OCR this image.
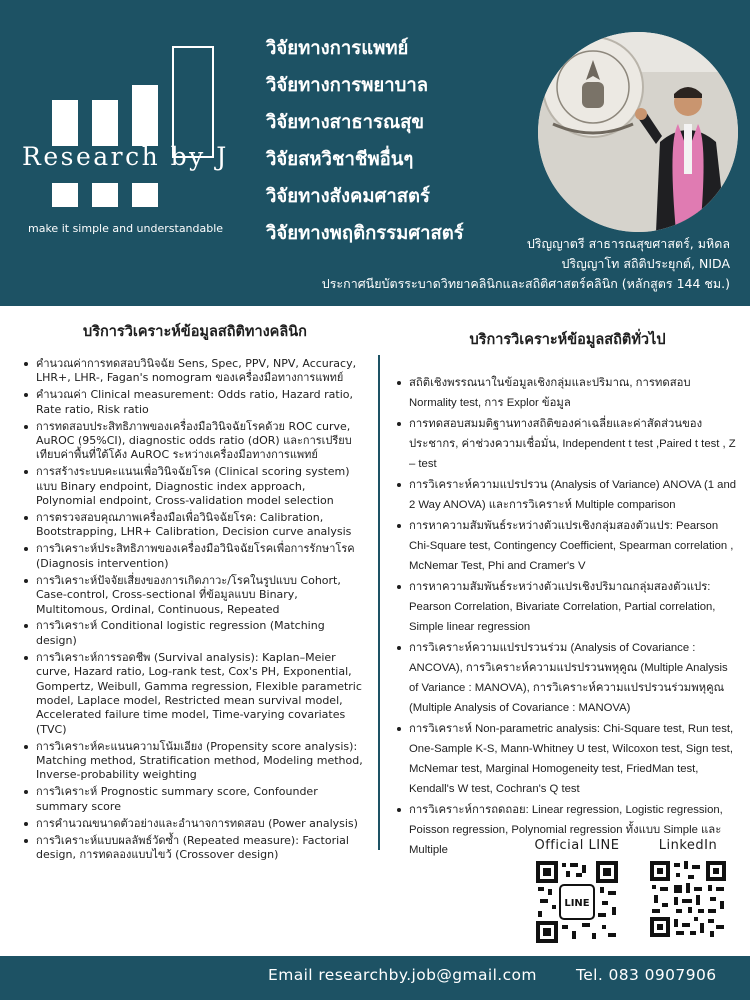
Research by J
make it simple and understandable
วิจัยทางการแพทย์
วิจัยทางการพยาบาล
วิจัยทางสาธารณสุข
วิจัยสหวิชาชีพอื่นๆ
วิจัยทางสังคมศาสตร์
วิจัยทางพฤติกรรมศาสตร์	ปริญญาตรี สาธารณสุขศาสตร์, มหิดล
ปริญญาโท สถิติประยุกต์, NIDA
ประกาศนียบัตรระบาดวิทยาคลินิกและสถิติศาสตร์คลินิก (หลักสูตร 144 ชม.)
บริการวิเคราะห์ข้อมูลสถิติทางคลินิก
คำนวณค่าการทดสอบวินิจฉัย Sens, Spec, PPV, NPV, Accuracy, LHR+, LHR-, Fagan's nomogram ของเครื่องมือทางการแพทย์
คำนวณค่า Clinical measurement: Odds ratio, Hazard ratio, Rate ratio, Risk ratio
การทดสอบประสิทธิภาพของเครื่องมือวินิจฉัยโรคด้วย ROC curve, AuROC (95%CI), diagnostic odds ratio (dOR) และการเปรียบเทียบค่าพื้นที่ใต้โค้ง AuROC ระหว่างเครื่องมือทางการแพทย์
การสร้างระบบคะแนนเพื่อวินิจฉัยโรค (Clinical scoring system) แบบ Binary endpoint, Diagnostic index approach, Polynomial endpoint, Cross-validation model selection
การตรวจสอบคุณภาพเครื่องมือเพื่อวินิจฉัยโรค: Calibration, Bootstrapping, LHR+ Calibration, Decision curve analysis
การวิเคราะห์ประสิทธิภาพของเครื่องมือวินิจฉัยโรคเพื่อการรักษาโรค (Diagnosis intervention)
การวิเคราะห์ปัจจัยเสี่ยงของการเกิดภาวะ/โรคในรูปแบบ Cohort, Case-control, Cross-sectional ที่ข้อมูลแบบ Binary, Multitomous, Ordinal, Continuous, Repeated
การวิเคราะห์ Conditional logistic regression (Matching design)
การวิเคราะห์การรอดชีพ (Survival analysis): Kaplan–Meier curve, Hazard ratio, Log-rank test, Cox's PH, Exponential, Gompertz, Weibull, Gamma regression, Flexible parametric model, Laplace model, Restricted mean survival model, Accelerated failure time model, Time-varying covariates (TVC)
การวิเคราะห์คะแนนความโน้มเอียง (Propensity score analysis): Matching method, Stratification method, Modeling method, Inverse-probability weighting
การวิเคราะห์ Prognostic summary score, Confounder summary score
การคำนวณขนาดตัวอย่างและอำนาจการทดสอบ (Power analysis)
การวิเคราะห์แบบผลลัพธ์วัดซ้ำ (Repeated measure): Factorial design, การทดลองแบบไขว้ (Crossover design)
บริการวิเคราะห์ข้อมูลสถิติทั่วไป
สถิติเชิงพรรณนาในข้อมูลเชิงกลุ่มและปริมาณ, การทดสอบ Normality test, การ Explor ข้อมูล
การทดสอบสมมติฐานทางสถิติของค่าเฉลี่ยและค่าสัดส่วนของประชากร, ค่าช่วงความเชื่อมั่น, Independent t test ,Paired t test , Z – test
การวิเคราะห์ความแปรปรวน (Analysis of Variance) ANOVA (1 and 2 Way ANOVA) และการวิเคราะห์ Multiple comparison
การหาความสัมพันธ์ระหว่างตัวแปรเชิงกลุ่มสองตัวแปร: Pearson Chi-Square test, Contingency Coefficient, Spearman correlation , McNemar Test, Phi and Cramer's V
การหาความสัมพันธ์ระหว่างตัวแปรเชิงปริมาณกลุ่มสองตัวแปร: Pearson Correlation, Bivariate Correlation, Partial correlation, Simple linear regression
การวิเคราะห์ความแปรปรวนร่วม (Analysis of Covariance : ANCOVA), การวิเคราะห์ความแปรปรวนพหุคูณ (Multiple Analysis of Variance : MANOVA), การวิเคราะห์ความแปรปรวนร่วมพหุคูณ (Multiple Analysis of Covariance : MANOVA)
การวิเคราะห์ Non-parametric analysis: Chi-Square test, Run test, One-Sample K-S, Mann-Whitney U test, Wilcoxon test, Sign test, McNemar test, Marginal Homogeneity test, FriedMan test, Kendall's W test, Cochran's Q test
การวิเคราะห์การถดถอย: Linear regression, Logistic regression, Poisson regression, Polynomial regression ทั้งแบบ Simple และ Multiple	Official LINE
LINE
LinkedIn
Email researchby.job@gmail.com	Tel. 083 0907906
